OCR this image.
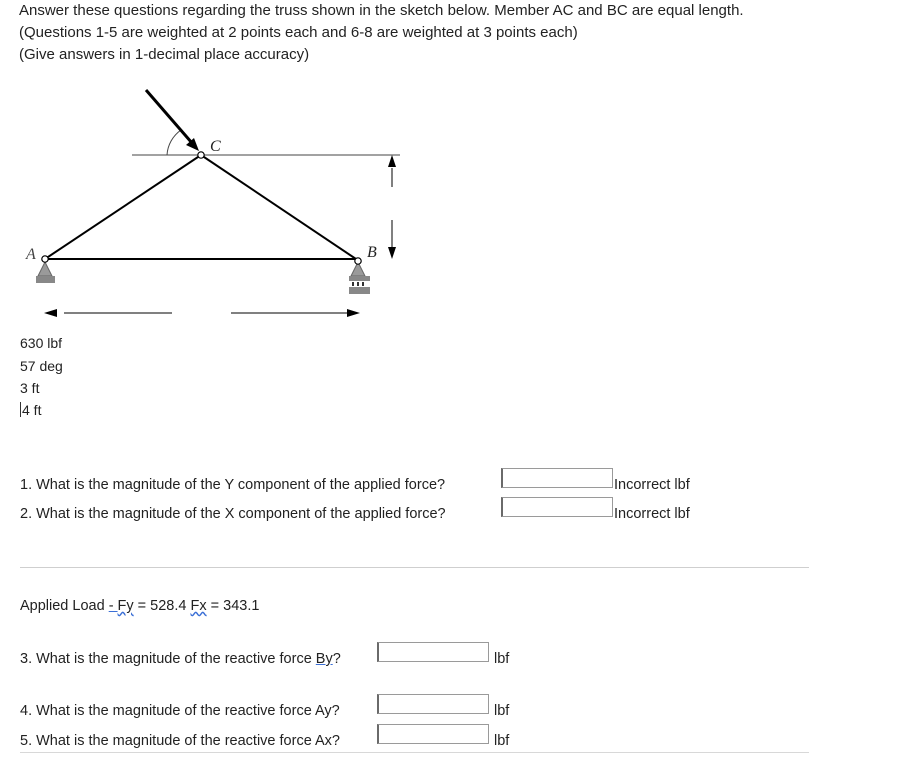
Answer these questions regarding the truss shown in the sketch below. Member AC and BC are equal length.
(Questions 1-5 are weighted at 2 points each and 6-8 are weighted at 3 points each)
(Give answers in 1-decimal place accuracy)
C
A	B
630 lbf
57 deg
3 ft
4 ft
1. What is the magnitude of the Y component of the applied force?	Incorrect lbf
2. What is the magnitude of the X component of the applied force?	Incorrect lbf
Applied Load - Fy = 528.4 Fx = 343.1
3. What is the magnitude of the reactive force By?	lbf
4. What is the magnitude of the reactive force Ay?	lbf
5. What is the magnitude of the reactive force Ax?	lbf
